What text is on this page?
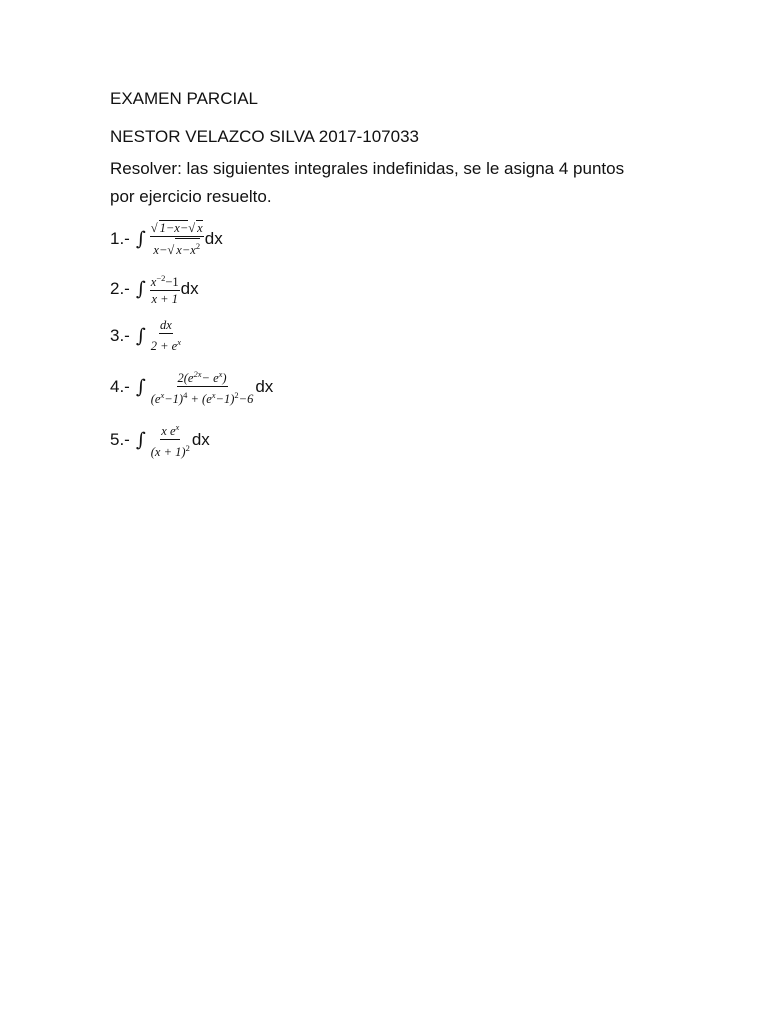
EXAMEN PARCIAL
NESTOR VELAZCO SILVA 2017-107033
Resolver: las siguientes integrales indefinidas, se le asigna 4 puntos por ejercicio resuelto.
1.- ∫ $\frac{√ 1-x-√ x}{x-√ x-x^2}$ dx
2.- ∫ $\frac{x^{-2}-1}{x + 1}$ dx
3.- ∫ $\frac{dx}{2 + e^x}$
4.- ∫ $\frac{2(e^{2x}- e^x)}{(e^x-1)^4 + (e^x-1)^2-6}$ dx
5.- ∫ $\frac{x e^x}{(x + 1)^2}$ dx
